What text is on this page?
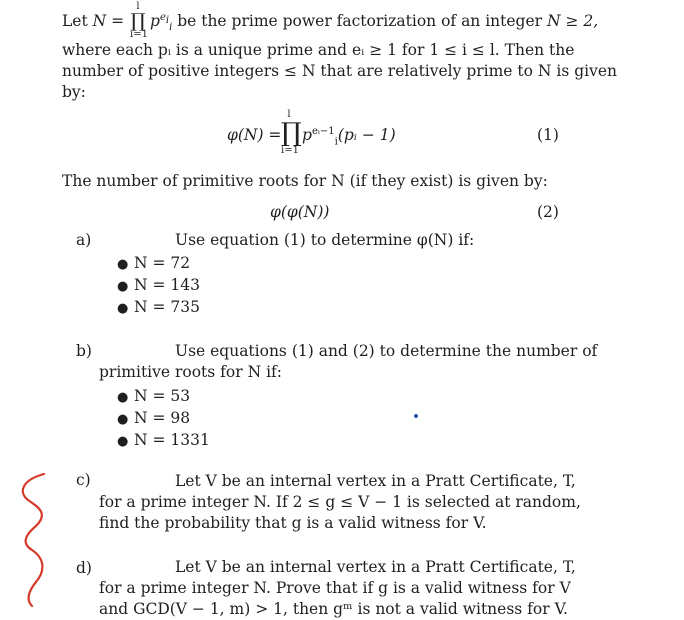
Let N =
l
∏
i=1
$p^{e_i}_i$ be the prime power factorization of an integer N ≥ 2,
where each pᵢ is a unique prime and eᵢ ≥ 1 for 1 ≤ i ≤ l. Then the
number of positive integers ≤ N that are relatively prime to N is given
by:
φ(N) =
l
∏
i=1
$p^{eᵢ-1}_i(pᵢ - 1)$	(1)
The number of primitive roots for N (if they exist) is given by:
φ(φ(N))	(2)
a)	Use equation (1) to determine φ(N) if:
● N = 72
● N = 143
● N = 735
b)	Use equations (1) and (2) to determine the number of
primitive roots for N if:
● N = 53
● N = 98
● N = 1331
c)	Let V be an internal vertex in a Pratt Certificate, T,
for a prime integer N. If 2 ≤ g ≤ V − 1 is selected at random,
find the probability that g is a valid witness for V.
d)	Let V be an internal vertex in a Pratt Certificate, T,
for a prime integer N. Prove that if g is a valid witness for V
and GCD(V − 1, m) > 1, then gᵐ is not a valid witness for V.
